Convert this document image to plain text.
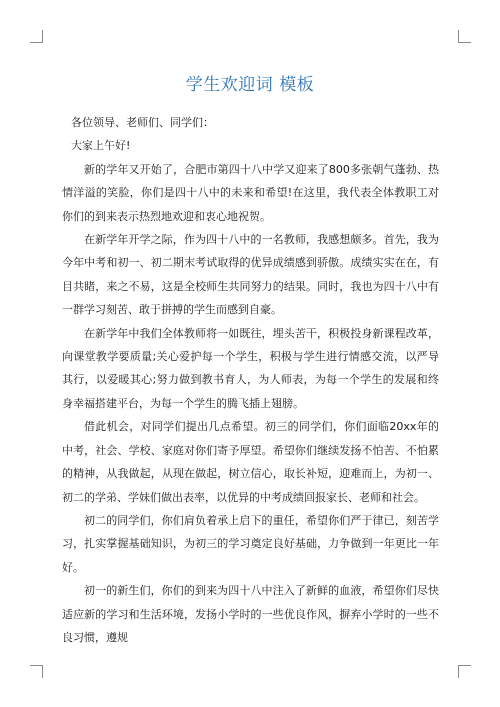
学生欢迎词 模板

各位领导、老师们、同学们：

大家上午好!

新的学年又开始了，合肥市第四十八中学又迎来了800多张朝气蓬勃、热情洋溢的笑脸，你们是四十八中的未来和希望!在这里，我代表全体教职工对你们的到来表示热烈地欢迎和衷心地祝贺。

在新学年开学之际，作为四十八中的一名教师，我感想颇多。首先，我为今年中考和初一、初二期末考试取得的优异成绩感到骄傲。成绩实实在在，有目共睹，来之不易，这是全校师生共同努力的结果。同时，我也为四十八中有一群学习刻苦、敢于拼搏的学生而感到自豪。

在新学年中我们全体教师将一如既往，埋头苦干，积极投身新课程改革，向课堂教学要质量;关心爱护每一个学生，积极与学生进行情感交流，以严导其行，以爱暖其心;努力做到教书育人，为人师表，为每一个学生的发展和终身幸福搭建平台，为每一个学生的腾飞插上翅膀。

借此机会，对同学们提出几点希望。初三的同学们，你们面临20xx年的中考，社会、学校、家庭对你们寄予厚望。希望你们继续发扬不怕苦、不怕累的精神，从我做起，从现在做起，树立信心，取长补短，迎难而上，为初一、初二的学弟、学妹们做出表率，以优异的中考成绩回报家长、老师和社会。

初二的同学们，你们肩负着承上启下的重任，希望你们严于律已，刻苦学习，扎实掌握基础知识，为初三的学习奠定良好基础，力争做到一年更比一年好。

初一的新生们，你们的到来为四十八中注入了新鲜的血液，希望你们尽快适应新的学习和生活环境，发扬小学时的一些优良作风，摒弃小学时的一些不良习惯，遵规
